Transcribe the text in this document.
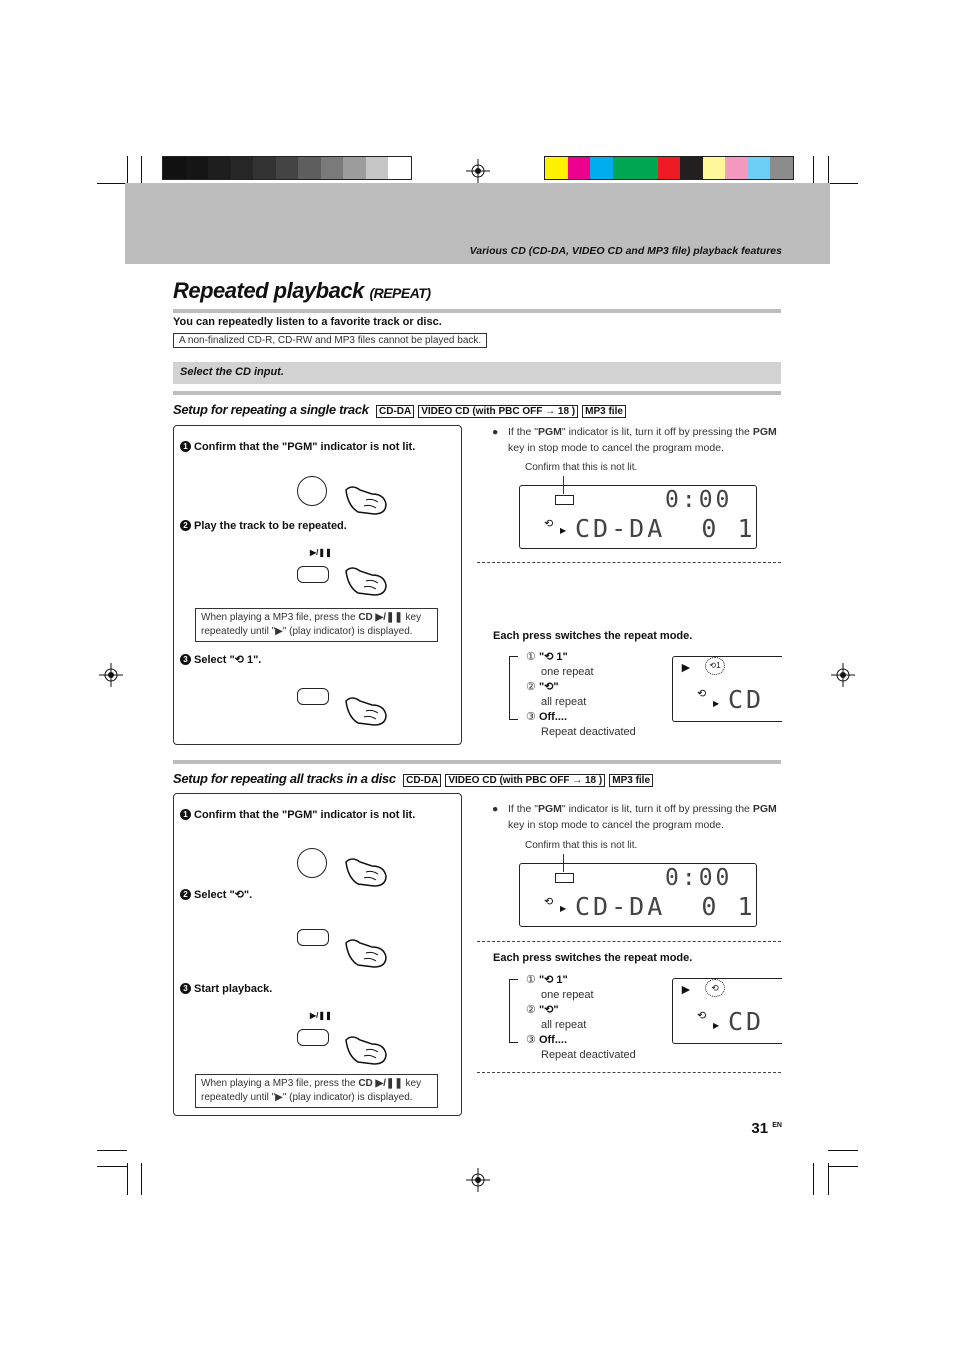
Various CD (CD-DA, VIDEO CD and MP3 file) playback features
Repeated playback (REPEAT)
You can repeatedly listen to a favorite track or disc.
A non-finalized CD-R, CD-RW and MP3 files cannot be played back.
Select the CD input.
Setup for repeating a single track CD-DA VIDEO CD (with PBC OFF → 18 ) MP3 file
1 Confirm that the "PGM" indicator is not lit.
2 Play the track to be repeated.
▶/❚❚
When playing a MP3 file, press the CD ▶/❚❚ key repeatedly until "▶" (play indicator) is displayed.
3 Select "⟲ 1".
● If the "PGM" indicator is lit, turn it off by pressing the PGM key in stop mode to cancel the program mode.
Confirm that this is not lit.
0:00
⟲
▶ CD-DA  0 1
Each press switches the repeat mode.
① "⟲ 1"
one repeat
② "⟲"
all repeat
③ Off....
Repeat deactivated
►	⟲1
⟲
▶ CD
Setup for repeating all tracks in a disc CD-DA VIDEO CD (with PBC OFF → 18 ) MP3 file
1 Confirm that the "PGM" indicator is not lit.
2 Select "⟲".
3 Start playback.
▶/❚❚
When playing a MP3 file, press the CD ▶/❚❚ key repeatedly until "▶" (play indicator) is displayed.
● If the "PGM" indicator is lit, turn it off by pressing the PGM key in stop mode to cancel the program mode.
Confirm that this is not lit.
0:00
⟲
▶ CD-DA  0 1
Each press switches the repeat mode.
① "⟲ 1"
one repeat
② "⟲"
all repeat
③ Off....
Repeat deactivated
►	⟲
⟲
▶ CD
31 $^{EN}$
